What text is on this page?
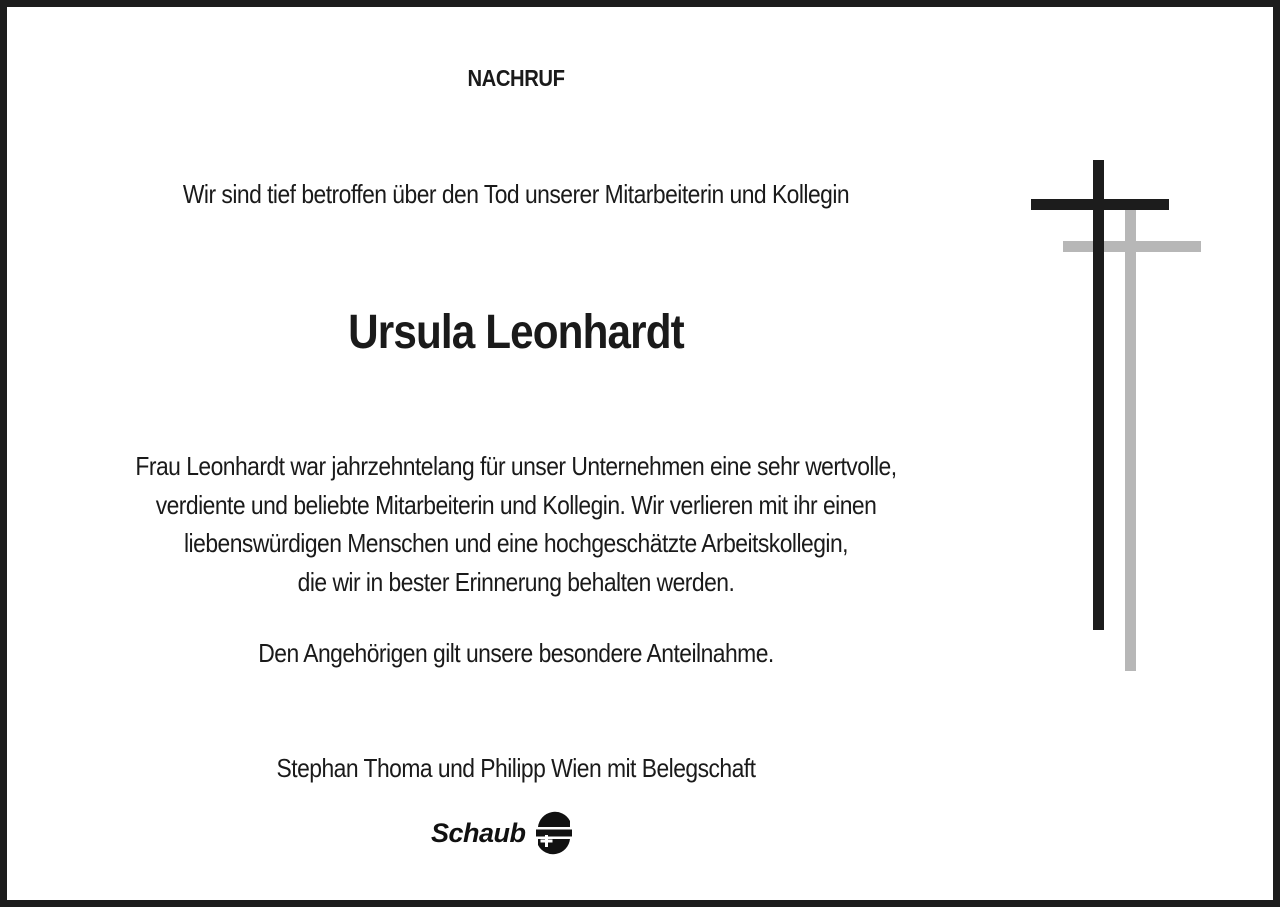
NACHRUF
Wir sind tief betroffen über den Tod unserer Mitarbeiterin und Kollegin
Ursula Leonhardt
Frau Leonhardt war jahrzehntelang für unser Unternehmen eine sehr wertvolle,
verdiente und beliebte Mitarbeiterin und Kollegin. Wir verlieren mit ihr einen
liebenswürdigen Menschen und eine hochgeschätzte Arbeitskollegin,
die wir in bester Erinnerung behalten werden.
Den Angehörigen gilt unsere besondere Anteilnahme.
Stephan Thoma und Philipp Wien mit Belegschaft
Schaub
